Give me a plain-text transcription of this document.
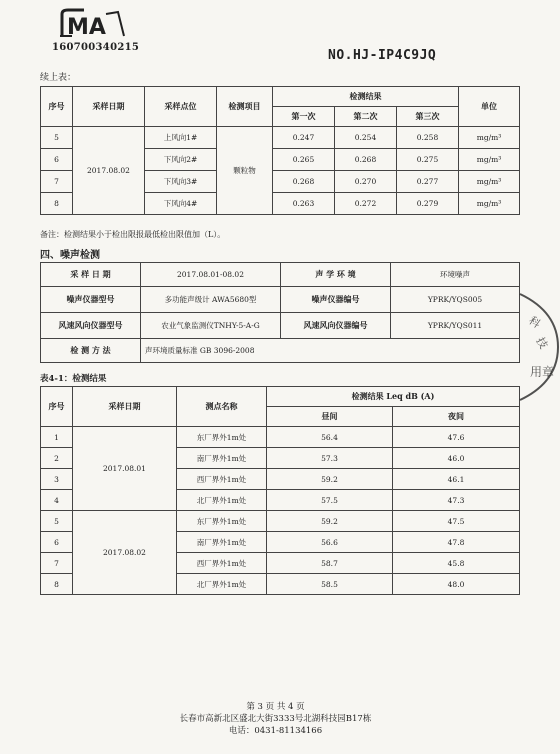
MA
160700340215
NO.HJ-IP4C9JQ
续上表：
序号	采样日期	采样点位	检测项目	检测结果			单位
				第一次	第二次	第三次	
5	2017.08.02	上风向1#	颗粒物	0.247	0.254	0.258	mg/m³
6		下风向2#		0.265	0.268	0.275	mg/m³
7		下风向3#		0.268	0.270	0.277	mg/m³
8		下风向4#		0.263	0.272	0.279	mg/m³
备注：检测结果小于检出限报最低检出限值加（L）。
四、噪声检测
采 样 日 期	2017.08.01-08.02	声 学 环 境	环境噪声
噪声仪器型号	多功能声级计 AWA5680型	噪声仪器编号	YPRK/YQS005
风速风向仪器型号	农业气象监测仪TNHY-5-A-G	风速风向仪器编号	YPRK/YQS011
检 测 方 法	声环境质量标准 GB 3096-2008		
表4-1：检测结果
序号	采样日期	测点名称	检测结果 Leq dB (A)	
			昼间	夜间
1	2017.08.01	东厂界外1m处	56.4	47.6
2		南厂界外1m处	57.3	46.0
3		西厂界外1m处	59.2	46.1
4		北厂界外1m处	57.5	47.3
5	2017.08.02	东厂界外1m处	59.2	47.5
6		南厂界外1m处	56.6	47.8
7		西厂界外1m处	58.7	45.8
8		北厂界外1m处	58.5	48.0
科
技
用 章
第 3 页 共 4 页
长春市高新北区盛北大街3333号北湖科技园B17栋
电话：0431-81134166
